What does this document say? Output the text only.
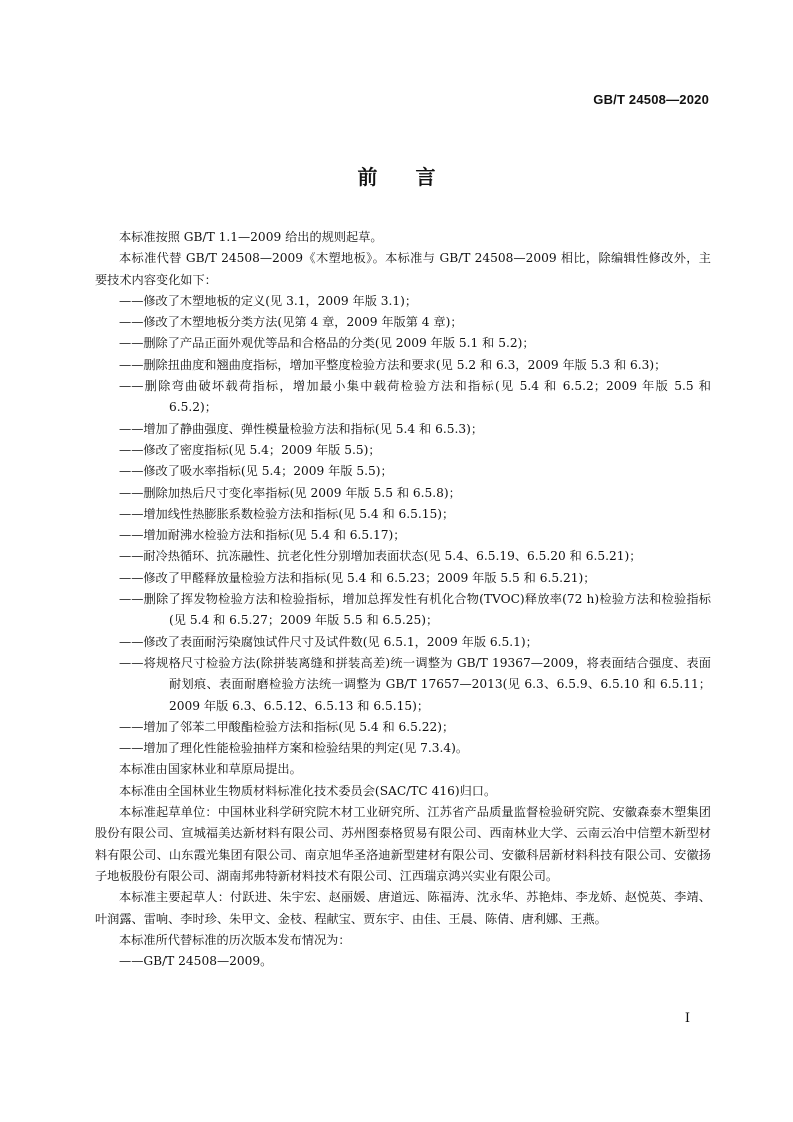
GB/T 24508—2020
前 言

本标准按照 GB/T 1.1—2009 给出的规则起草。

本标准代替 GB/T 24508—2009《木塑地板》。本标准与 GB/T 24508—2009 相比，除编辑性修改外，主要技术内容变化如下：

——修改了木塑地板的定义(见 3.1，2009 年版 3.1)；

——修改了木塑地板分类方法(见第 4 章，2009 年版第 4 章)；

——删除了产品正面外观优等品和合格品的分类(见 2009 年版 5.1 和 5.2)；

——删除扭曲度和翘曲度指标，增加平整度检验方法和要求(见 5.2 和 6.3，2009 年版 5.3 和 6.3)；

——删除弯曲破坏载荷指标，增加最小集中载荷检验方法和指标(见 5.4 和 6.5.2；2009 年版 5.5 和 6.5.2)；

——增加了静曲强度、弹性模量检验方法和指标(见 5.4 和 6.5.3)；

——修改了密度指标(见 5.4；2009 年版 5.5)；

——修改了吸水率指标(见 5.4；2009 年版 5.5)；

——删除加热后尺寸变化率指标(见 2009 年版 5.5 和 6.5.8)；

——增加线性热膨胀系数检验方法和指标(见 5.4 和 6.5.15)；

——增加耐沸水检验方法和指标(见 5.4 和 6.5.17)；

——耐冷热循环、抗冻融性、抗老化性分别增加表面状态(见 5.4、6.5.19、6.5.20 和 6.5.21)；

——修改了甲醛释放量检验方法和指标(见 5.4 和 6.5.23；2009 年版 5.5 和 6.5.21)；

——删除了挥发物检验方法和检验指标，增加总挥发性有机化合物(TVOC)释放率(72 h)检验方法和检验指标(见 5.4 和 6.5.27；2009 年版 5.5 和 6.5.25)；

——修改了表面耐污染腐蚀试件尺寸及试件数(见 6.5.1，2009 年版 6.5.1)；

——将规格尺寸检验方法(除拼装离缝和拼装高差)统一调整为 GB/T 19367—2009，将表面结合强度、表面耐划痕、表面耐磨检验方法统一调整为 GB/T 17657—2013(见 6.3、6.5.9、6.5.10 和 6.5.11；2009 年版 6.3、6.5.12、6.5.13 和 6.5.15)；

——增加了邻苯二甲酸酯检验方法和指标(见 5.4 和 6.5.22)；

——增加了理化性能检验抽样方案和检验结果的判定(见 7.3.4)。

本标准由国家林业和草原局提出。

本标准由全国林业生物质材料标准化技术委员会(SAC/TC 416)归口。

本标准起草单位：中国林业科学研究院木材工业研究所、江苏省产品质量监督检验研究院、安徽森泰木塑集团股份有限公司、宣城福美达新材料有限公司、苏州图泰格贸易有限公司、西南林业大学、云南云冶中信塑木新型材料有限公司、山东霞光集团有限公司、南京旭华圣洛迪新型建材有限公司、安徽科居新材料科技有限公司、安徽扬子地板股份有限公司、湖南邦弗特新材料技术有限公司、江西瑞京鸿兴实业有限公司。

本标准主要起草人：付跃进、朱宇宏、赵丽媛、唐道远、陈福涛、沈永华、苏艳炜、李龙娇、赵悦英、李靖、叶润露、雷响、李时珍、朱甲文、金枝、程献宝、贾东宇、由佳、王晨、陈倩、唐利娜、王燕。

本标准所代替标准的历次版本发布情况为：

——GB/T 24508—2009。

I
